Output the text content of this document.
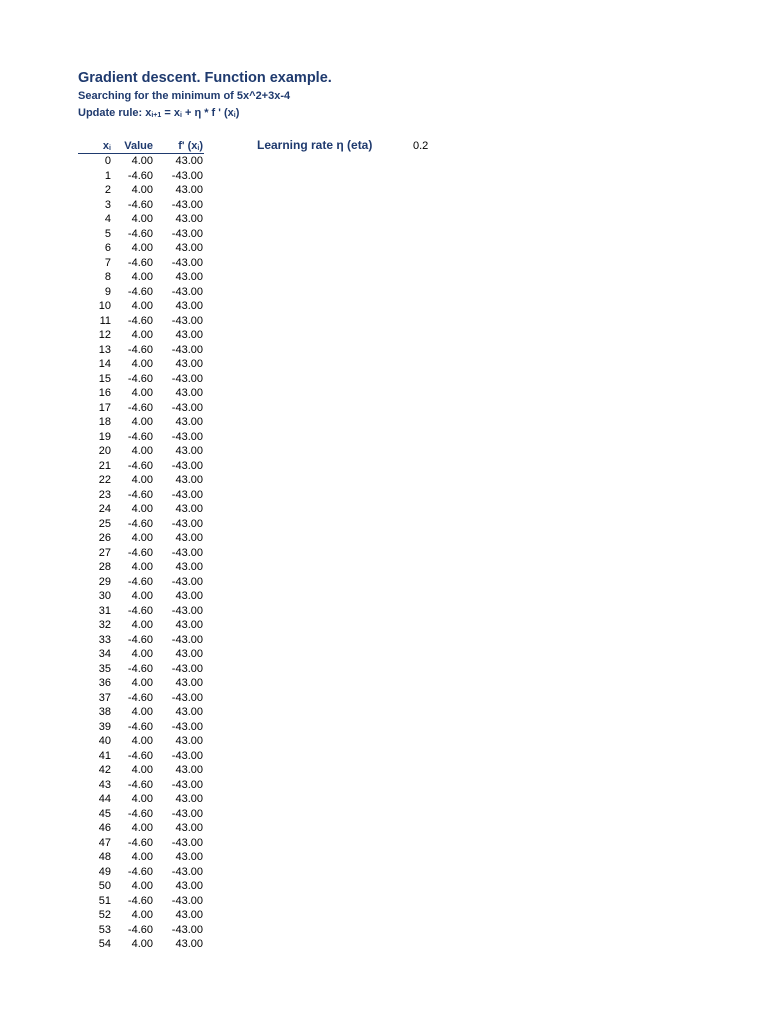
Gradient descent. Function example.
Searching for the minimum of 5x^2+3x-4
Update rule: $x_{i+1} = x_i + \eta * f$ ' $(x_i)$
$x_i$	Value	f' $(x_i)$
0	4.00	43.00
1	-4.60	-43.00
2	4.00	43.00
3	-4.60	-43.00
4	4.00	43.00
5	-4.60	-43.00
6	4.00	43.00
7	-4.60	-43.00
8	4.00	43.00
9	-4.60	-43.00
10	4.00	43.00
11	-4.60	-43.00
12	4.00	43.00
13	-4.60	-43.00
14	4.00	43.00
15	-4.60	-43.00
16	4.00	43.00
17	-4.60	-43.00
18	4.00	43.00
19	-4.60	-43.00
20	4.00	43.00
21	-4.60	-43.00
22	4.00	43.00
23	-4.60	-43.00
24	4.00	43.00
25	-4.60	-43.00
26	4.00	43.00
27	-4.60	-43.00
28	4.00	43.00
29	-4.60	-43.00
30	4.00	43.00
31	-4.60	-43.00
32	4.00	43.00
33	-4.60	-43.00
34	4.00	43.00
35	-4.60	-43.00
36	4.00	43.00
37	-4.60	-43.00
38	4.00	43.00
39	-4.60	-43.00
40	4.00	43.00
41	-4.60	-43.00
42	4.00	43.00
43	-4.60	-43.00
44	4.00	43.00
45	-4.60	-43.00
46	4.00	43.00
47	-4.60	-43.00
48	4.00	43.00
49	-4.60	-43.00
50	4.00	43.00
51	-4.60	-43.00
52	4.00	43.00
53	-4.60	-43.00
54	4.00	43.00
Learning rate η (eta)	0.2
